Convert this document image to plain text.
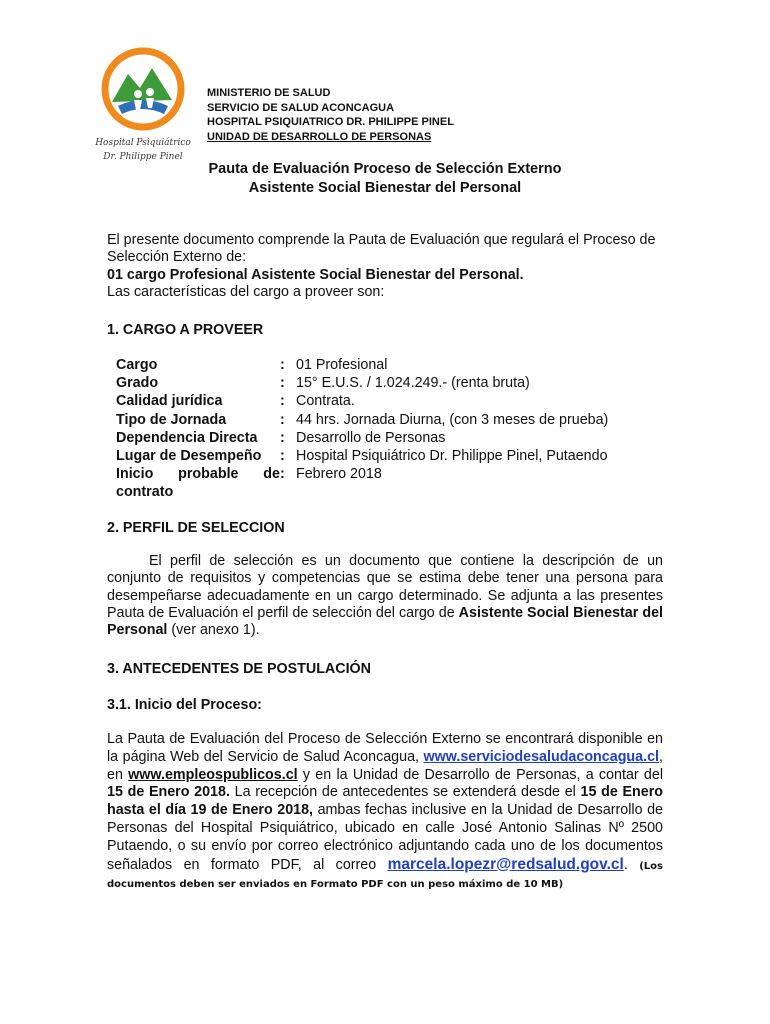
Hospital Psiquiátrico
Dr. Philippe Pinel
MINISTERIO DE SALUD
SERVICIO DE SALUD ACONCAGUA
HOSPITAL PSIQUIATRICO DR. PHILIPPE PINEL
UNIDAD DE DESARROLLO DE PERSONAS
Pauta de Evaluación Proceso de Selección Externo
Asistente Social Bienestar del Personal

El presente documento comprende la Pauta de Evaluación que regulará el Proceso de Selección Externo de:

01 cargo Profesional Asistente Social Bienestar del Personal.

Las características del cargo a proveer son:

1. CARGO A PROVEER
Cargo	: 01 Profesional
Grado	: 15° E.U.S. / 1.024.249.- (renta bruta)
Calidad jurídica	: Contrata.
Tipo de Jornada	: 44 hrs. Jornada Diurna, (con 3 meses de prueba)
Dependencia Directa	: Desarrollo de Personas
Lugar de Desempeño	: Hospital Psiquiátrico Dr. Philippe Pinel, Putaendo
Inicio probable de : Febrero 2018
contrato
2. PERFIL DE SELECCION

El perfil de selección es un documento que contiene la descripción de un conjunto de requisitos y competencias que se estima debe tener una persona para desempeñarse adecuadamente en un cargo determinado. Se adjunta a las presentes Pauta de Evaluación el perfil de selección del cargo de Asistente Social Bienestar del Personal (ver anexo 1).

3. ANTECEDENTES DE POSTULACIÓN
3.1. Inicio del Proceso:

La Pauta de Evaluación del Proceso de Selección Externo se encontrará disponible en la página Web del Servicio de Salud Aconcagua, www.serviciodesaludaconcagua.cl, en www.empleospublicos.cl y en la Unidad de Desarrollo de Personas, a contar del 15 de Enero 2018. La recepción de antecedentes se extenderá desde el 15 de Enero hasta el día 19 de Enero 2018, ambas fechas inclusive en la Unidad de Desarrollo de Personas del Hospital Psiquiátrico, ubicado en calle José Antonio Salinas Nº 2500 Putaendo, o su envío por correo electrónico adjuntando cada uno de los documentos señalados en formato PDF, al correo marcela.lopezr@redsalud.gov.cl. (Los documentos deben ser enviados en Formato PDF con un peso máximo de 10 MB)
